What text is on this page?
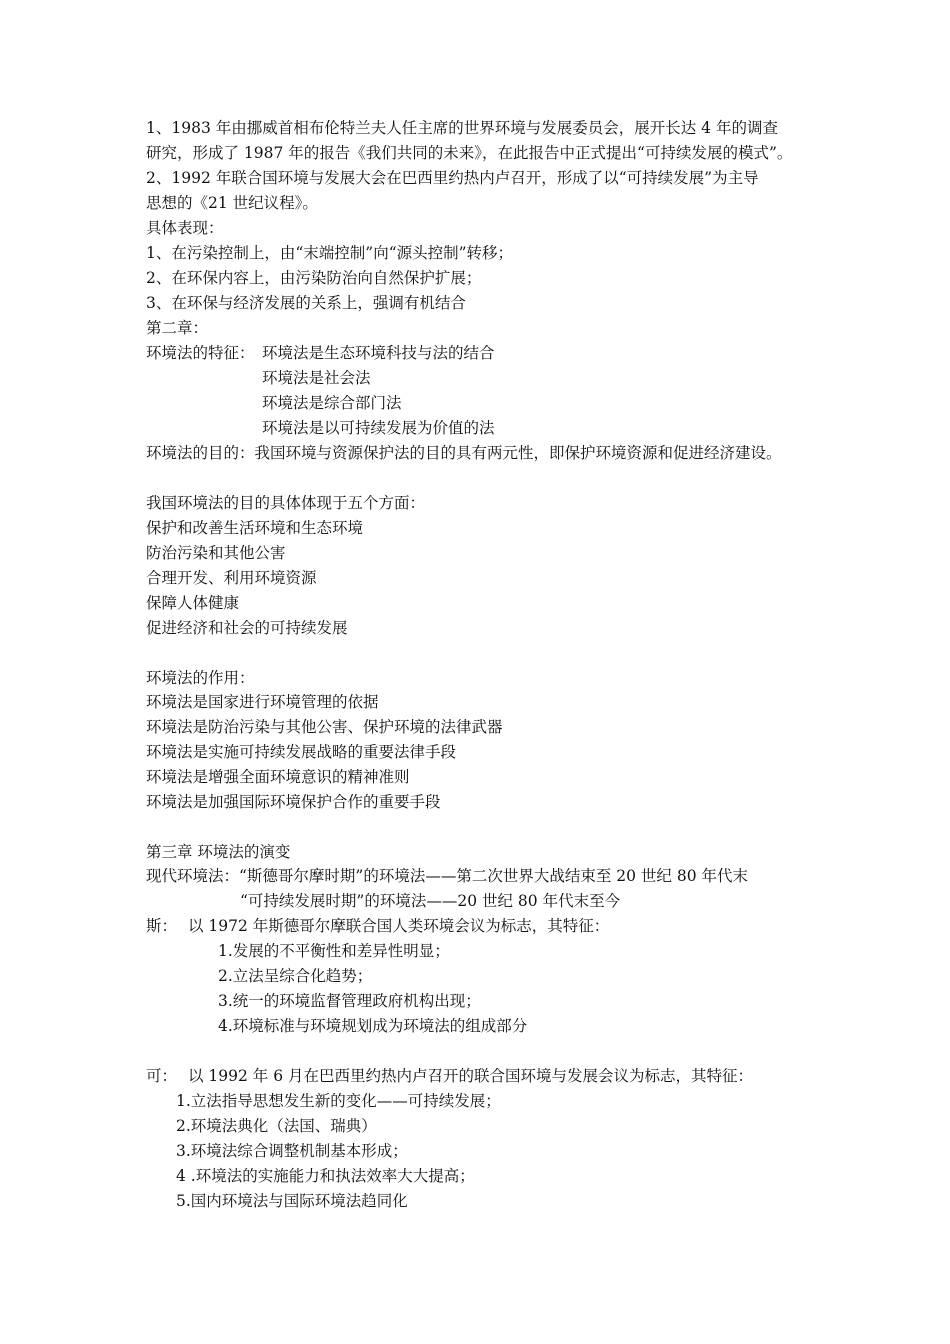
1、1983 年由挪威首相布伦特兰夫人任主席的世界环境与发展委员会，展开长达 4 年的调查
研究，形成了 1987 年的报告《我们共同的未来》，在此报告中正式提出“可持续发展的模式”。
2、1992 年联合国环境与发展大会在巴西里约热内卢召开，形成了以“可持续发展”为主导
思想的《21 世纪议程》。
具体表现：
1、在污染控制上，由“末端控制”向“源头控制”转移；
2、在环保内容上，由污染防治向自然保护扩展；
3、在环保与经济发展的关系上，强调有机结合
第二章：
环境法的特征： 环境法是生态环境科技与法的结合
环境法是社会法
环境法是综合部门法
环境法是以可持续发展为价值的法
环境法的目的：我国环境与资源保护法的目的具有两元性，即保护环境资源和促进经济建设。
我国环境法的目的具体体现于五个方面：
保护和改善生活环境和生态环境
防治污染和其他公害
合理开发、利用环境资源
保障人体健康
促进经济和社会的可持续发展
环境法的作用：
环境法是国家进行环境管理的依据
环境法是防治污染与其他公害、保护环境的法律武器
环境法是实施可持续发展战略的重要法律手段
环境法是增强全面环境意识的精神准则
环境法是加强国际环境保护合作的重要手段
第三章 环境法的演变
现代环境法：“斯德哥尔摩时期”的环境法——第二次世界大战结束至 20 世纪 80 年代末
“可持续发展时期”的环境法——20 世纪 80 年代末至今
斯： 以 1972 年斯德哥尔摩联合国人类环境会议为标志，其特征：
1.发展的不平衡性和差异性明显；
2.立法呈综合化趋势；
3.统一的环境监督管理政府机构出现；
4.环境标准与环境规划成为环境法的组成部分
可： 以 1992 年 6 月在巴西里约热内卢召开的联合国环境与发展会议为标志，其特征：
1.立法指导思想发生新的变化——可持续发展；
2.环境法典化（法国、瑞典）
3.环境法综合调整机制基本形成；
4 .环境法的实施能力和执法效率大大提高；
5.国内环境法与国际环境法趋同化
